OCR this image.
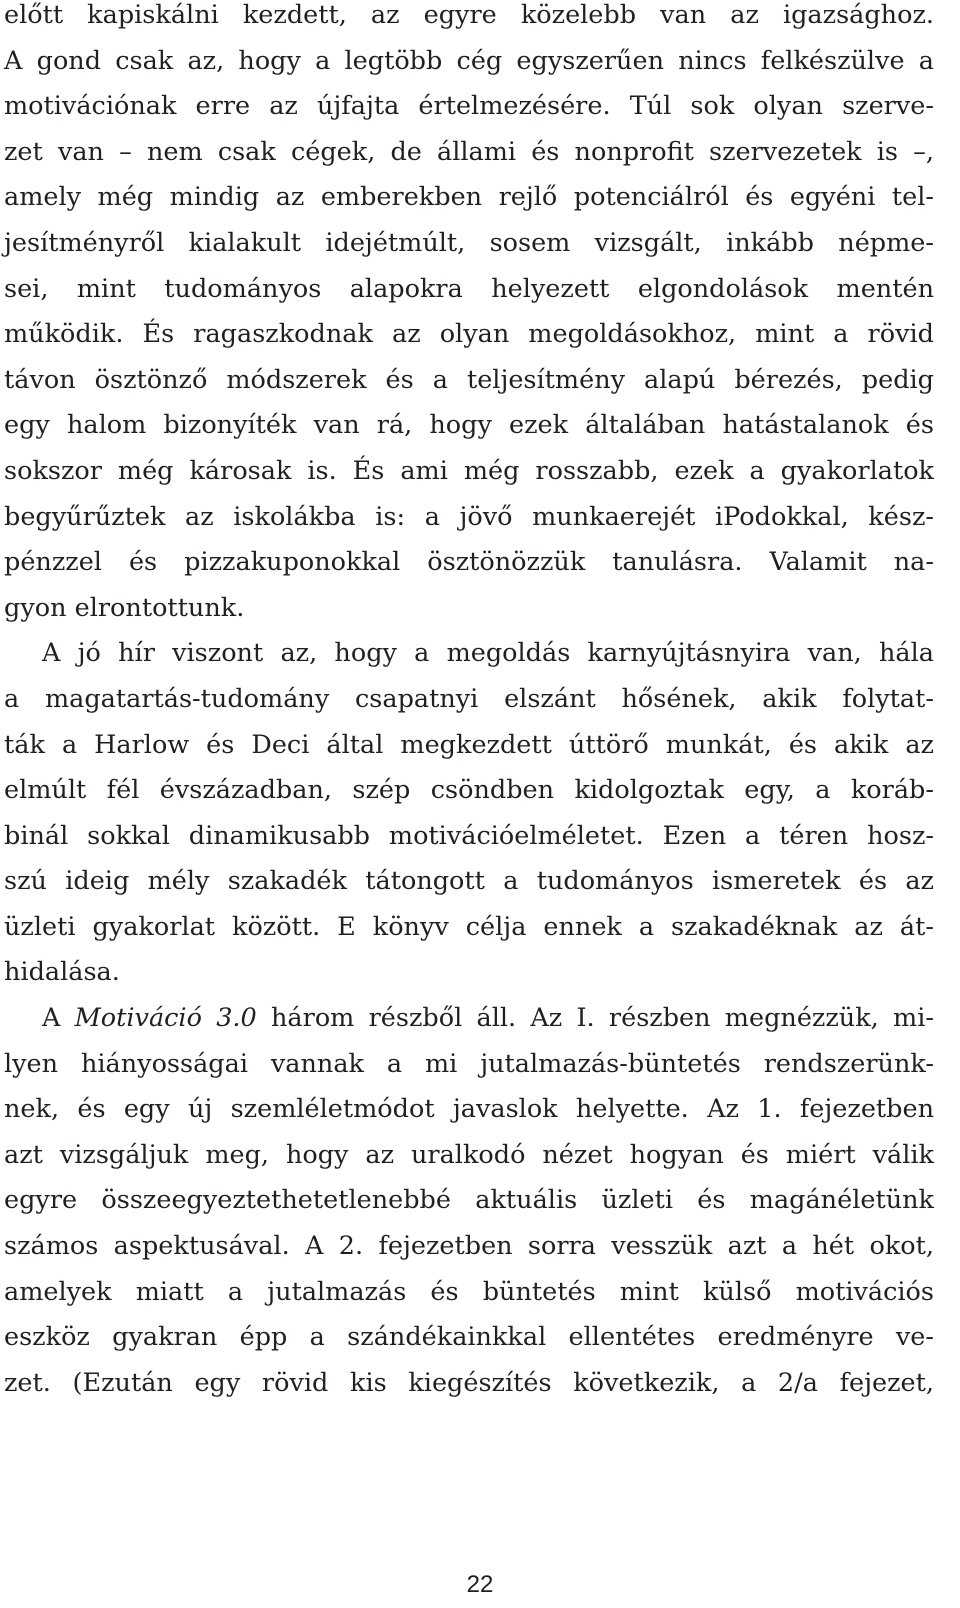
előtt kapiskálni kezdett, az egyre közelebb van az igazsághoz.
A gond csak az, hogy a legtöbb cég egyszerűen nincs felkészülve a
motivációnak erre az újfajta értelmezésére. Túl sok olyan szerve-
zet van – nem csak cégek, de állami és nonprofit szervezetek is –,
amely még mindig az emberekben rejlő potenciálról és egyéni tel-
jesítményről kialakult idejétmúlt, sosem vizsgált, inkább népme-
sei, mint tudományos alapokra helyezett elgondolások mentén
működik. És ragaszkodnak az olyan megoldásokhoz, mint a rövid
távon ösztönző módszerek és a teljesítmény alapú bérezés, pedig
egy halom bizonyíték van rá, hogy ezek általában hatástalanok és
sokszor még károsak is. És ami még rosszabb, ezek a gyakorlatok
begyűrűztek az iskolákba is: a jövő munkaerejét iPodokkal, kész-
pénzzel és pizzakuponokkal ösztönözzük tanulásra. Valamit na-
gyon elrontottunk.
A jó hír viszont az, hogy a megoldás karnyújtásnyira van, hála
a magatartás-tudomány csapatnyi elszánt hősének, akik folytat-
ták a Harlow és Deci által megkezdett úttörő munkát, és akik az
elmúlt fél évszázadban, szép csöndben kidolgoztak egy, a koráb-
binál sokkal dinamikusabb motivációelméletet. Ezen a téren hosz-
szú ideig mély szakadék tátongott a tudományos ismeretek és az
üzleti gyakorlat között. E könyv célja ennek a szakadéknak az át-
hidalása.
A Motiváció 3.0 három részből áll. Az I. részben megnézzük, mi-
lyen hiányosságai vannak a mi jutalmazás-büntetés rendszerünk-
nek, és egy új szemléletmódot javaslok helyette. Az 1. fejezetben
azt vizsgáljuk meg, hogy az uralkodó nézet hogyan és miért válik
egyre összeegyeztethetetlenebbé aktuális üzleti és magánéletünk
számos aspektusával. A 2. fejezetben sorra vesszük azt a hét okot,
amelyek miatt a jutalmazás és büntetés mint külső motivációs
eszköz gyakran épp a szándékainkkal ellentétes eredményre ve-
zet. (Ezután egy rövid kis kiegészítés következik, a 2/a fejezet,
22
